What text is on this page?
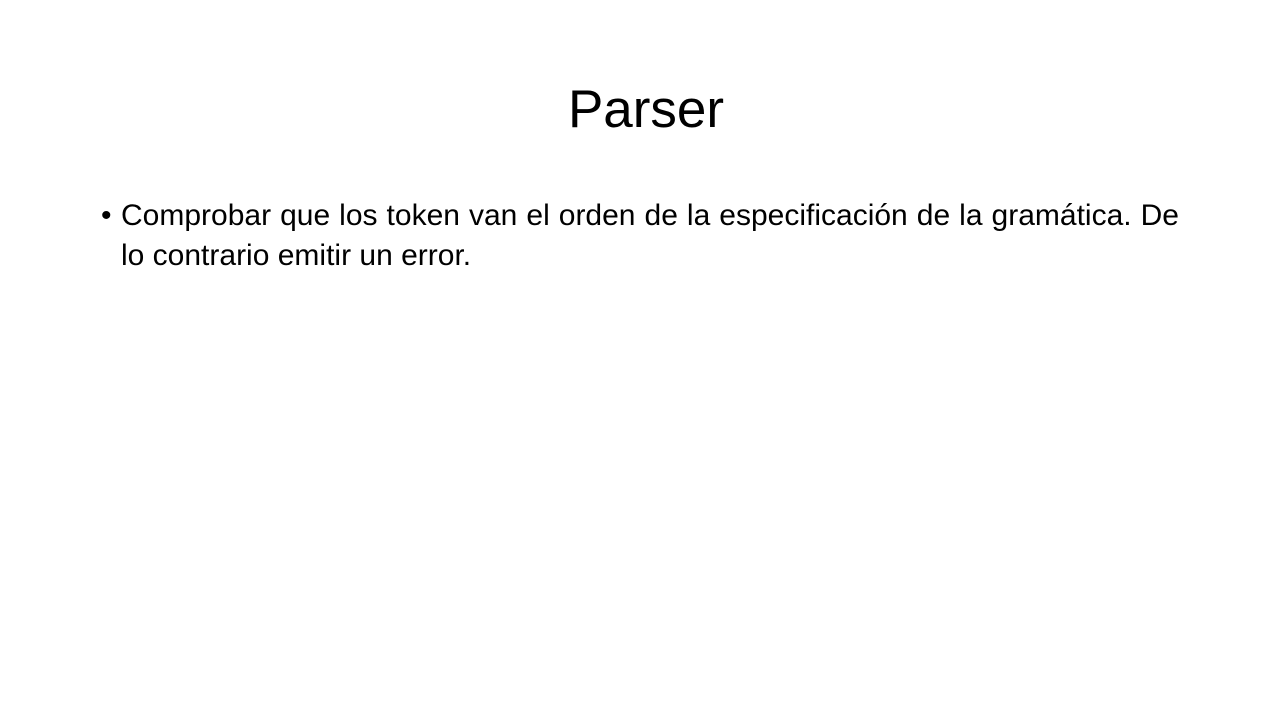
Parser
• Comprobar que los token van el orden de la especificación de la gramática. De lo contrario emitir un error.
